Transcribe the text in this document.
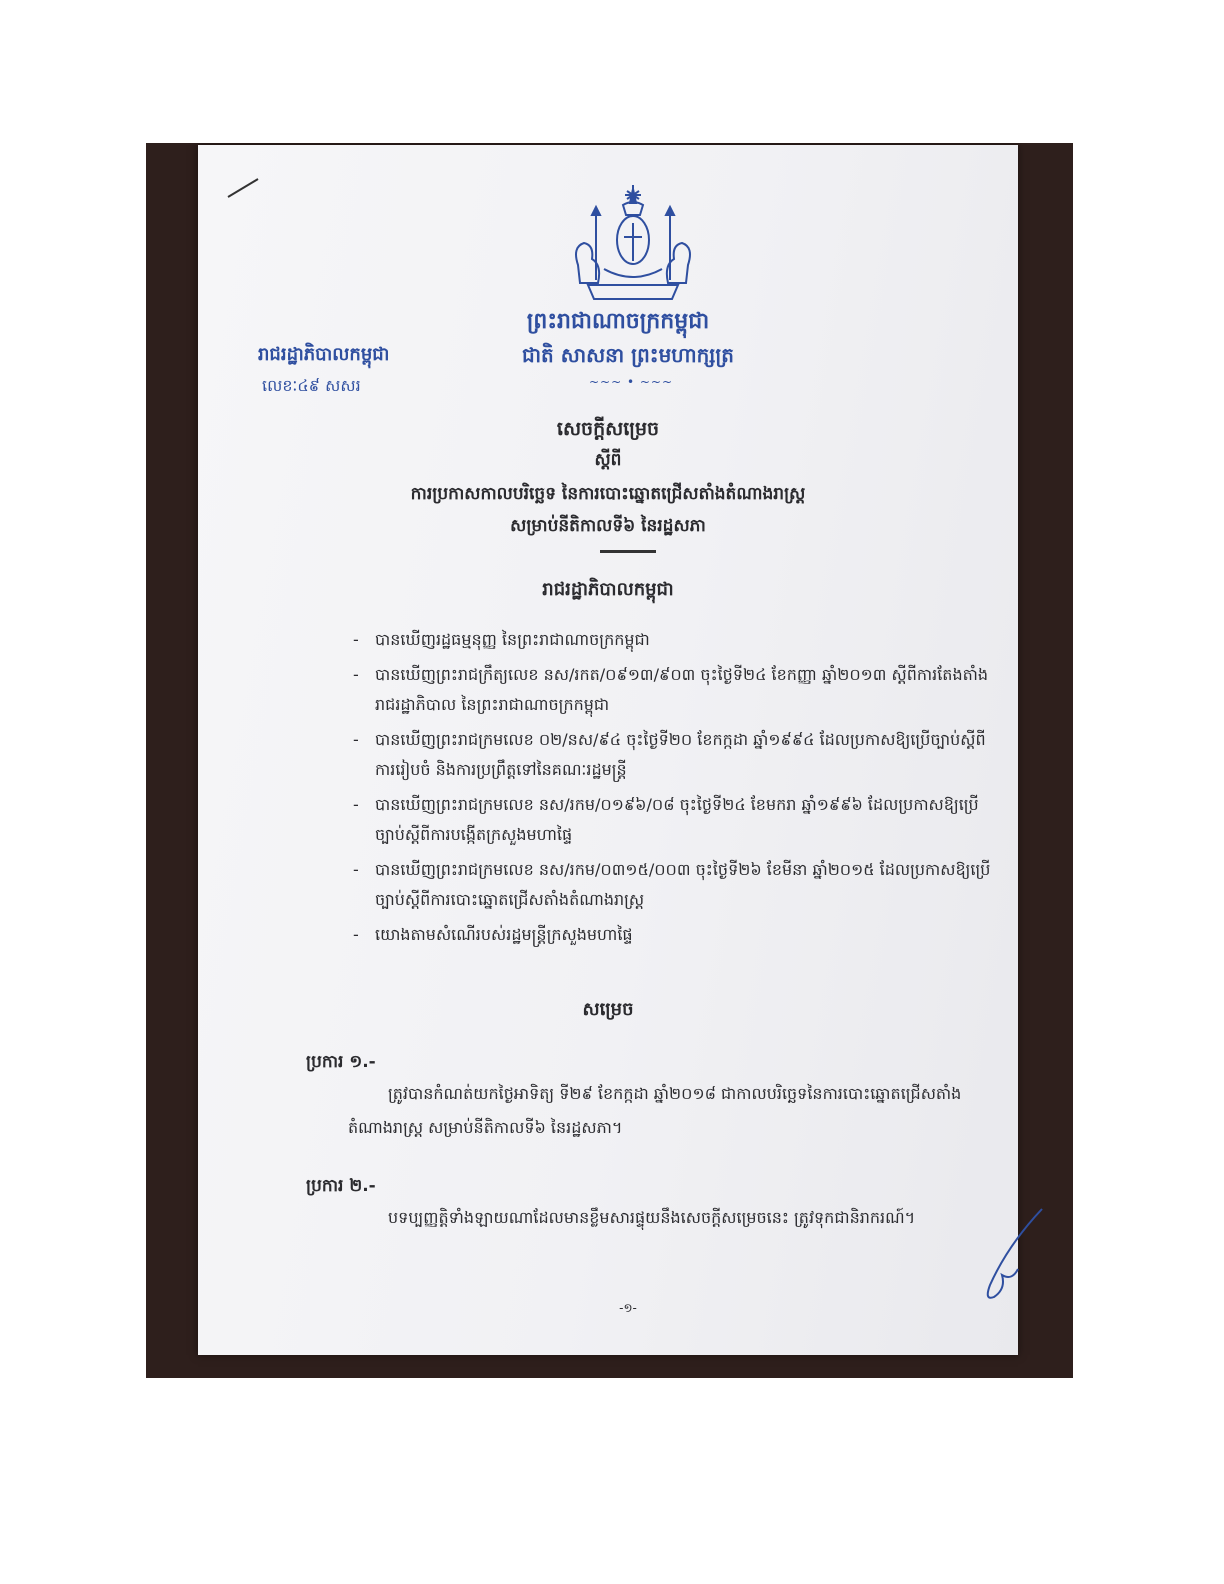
ព្រះរាជាណាចក្រកម្ពុជា
ជាតិ សាសនា ព្រះមហាក្សត្រ
រាជរដ្ឋាភិបាលកម្ពុជា
លេខៈ៤៩ សសរ	~~~ • ~~~
សេចក្តីសម្រេច
ស្តីពី
ការប្រកាសកាលបរិច្ឆេទ នៃការបោះឆ្នោតជ្រើសតាំងតំណាងរាស្ត្រ
សម្រាប់នីតិកាលទី៦ នៃរដ្ឋសភា
រាជរដ្ឋាភិបាលកម្ពុជា
- បានឃើញរដ្ឋធម្មនុញ្ញ នៃព្រះរាជាណាចក្រកម្ពុជា
- បានឃើញព្រះរាជក្រឹត្យលេខ នស/រកត/០៩១៣/៩០៣ ចុះថ្ងៃទី២៤ ខែកញ្ញា ឆ្នាំ២០១៣ ស្តីពីការតែងតាំងរាជរដ្ឋាភិបាល នៃព្រះរាជាណាចក្រកម្ពុជា
- បានឃើញព្រះរាជក្រមលេខ ០២/នស/៩៤ ចុះថ្ងៃទី២០ ខែកក្កដា ឆ្នាំ១៩៩៤ ដែលប្រកាសឱ្យប្រើច្បាប់ស្តីពីការរៀបចំ និងការប្រព្រឹត្តទៅនៃគណៈរដ្ឋមន្ត្រី
- បានឃើញព្រះរាជក្រមលេខ នស/រកម/០១៩៦/០៨ ចុះថ្ងៃទី២៤ ខែមករា ឆ្នាំ១៩៩៦ ដែលប្រកាសឱ្យប្រើច្បាប់ស្តីពីការបង្កើតក្រសួងមហាផ្ទៃ
- បានឃើញព្រះរាជក្រមលេខ នស/រកម/០៣១៥/០០៣ ចុះថ្ងៃទី២៦ ខែមីនា ឆ្នាំ២០១៥ ដែលប្រកាសឱ្យប្រើច្បាប់ស្តីពីការបោះឆ្នោតជ្រើសតាំងតំណាងរាស្ត្រ
- យោងតាមសំណើរបស់រដ្ឋមន្ត្រីក្រសួងមហាផ្ទៃ
សម្រេច
ប្រការ ១.-
ត្រូវបានកំណត់យកថ្ងៃអាទិត្យ ទី២៩ ខែកក្កដា ឆ្នាំ២០១៨ ជាកាលបរិច្ឆេទនៃការបោះឆ្នោតជ្រើសតាំងតំណាងរាស្ត្រ សម្រាប់នីតិកាលទី៦ នៃរដ្ឋសភា។
ប្រការ ២.-
បទប្បញ្ញត្តិទាំងឡាយណាដែលមានខ្លឹមសារផ្ទុយនឹងសេចក្តីសម្រេចនេះ ត្រូវទុកជានិរាករណ៍។
-១-
